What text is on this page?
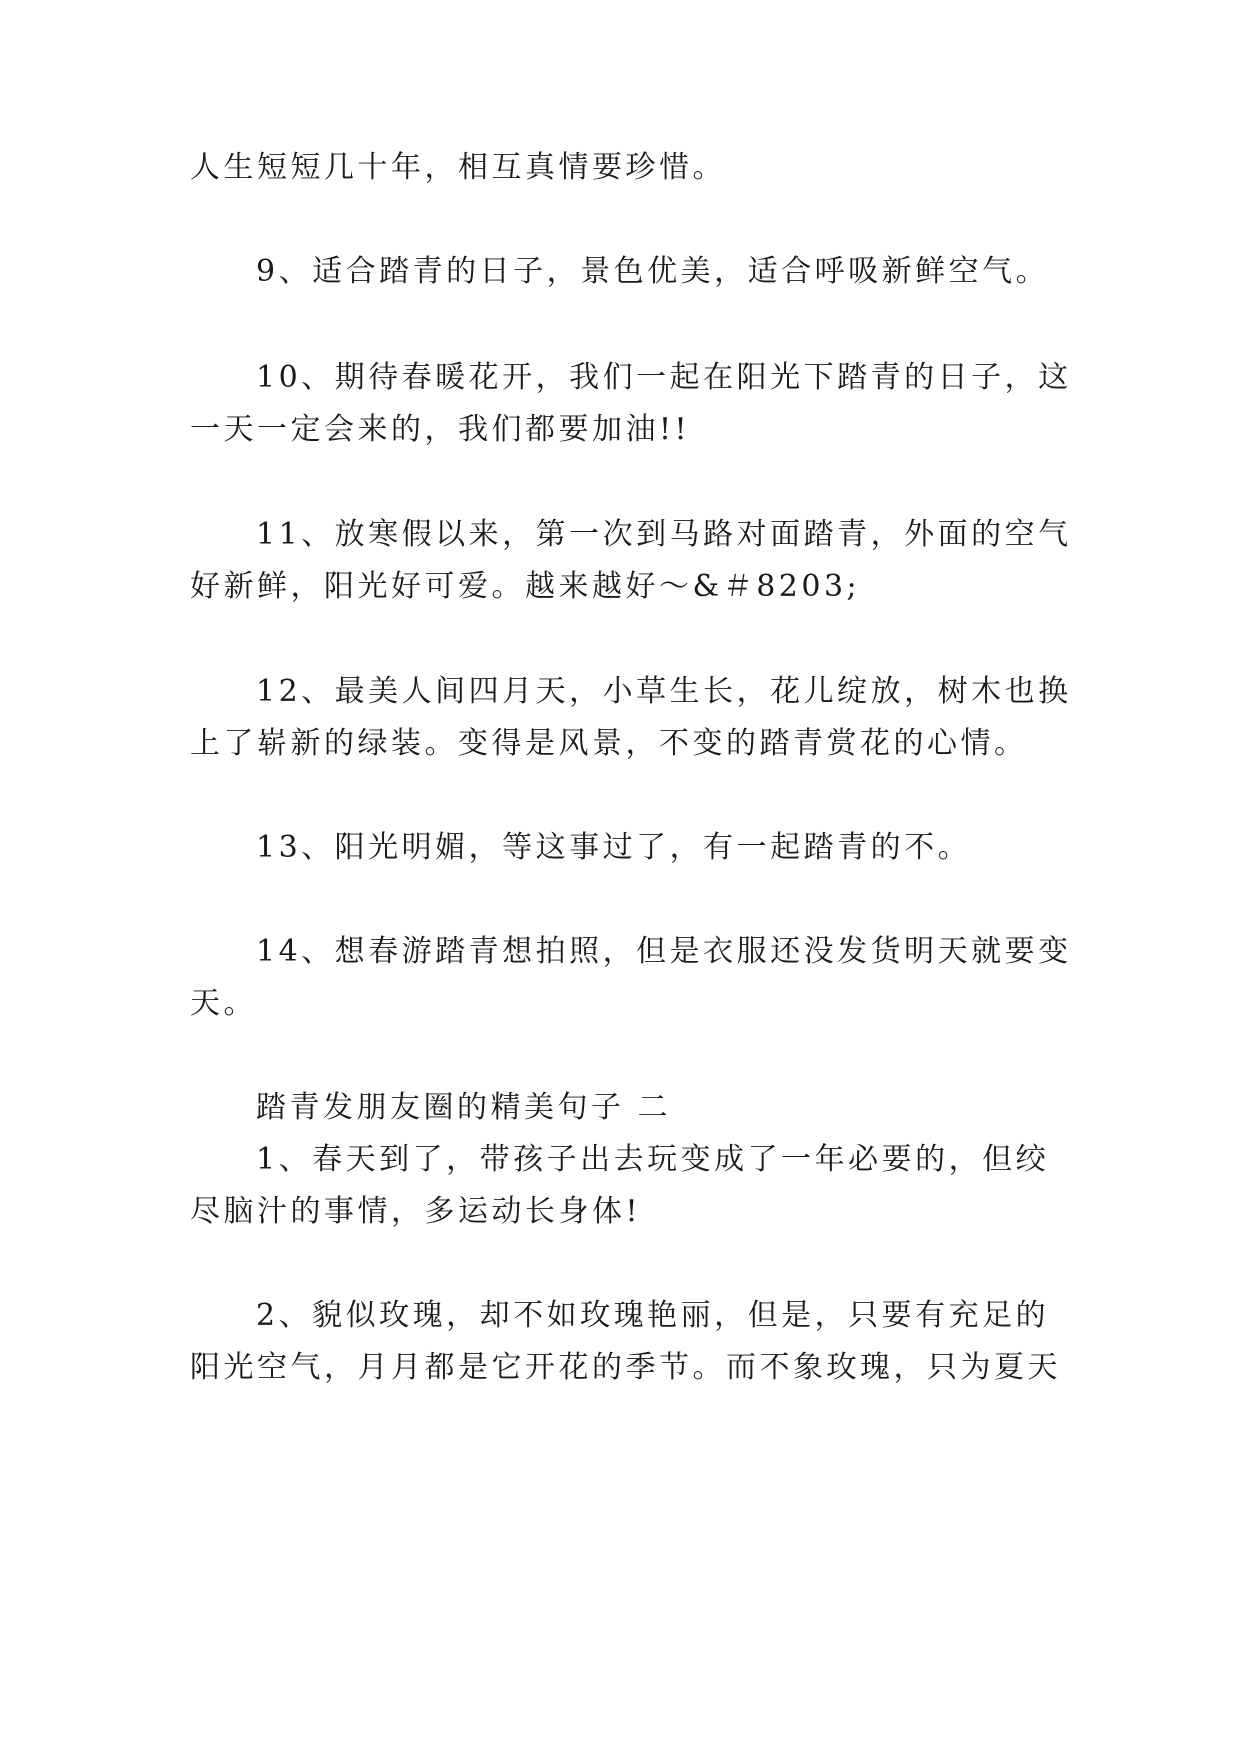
人生短短几十年，相互真情要珍惜。

9、适合踏青的日子，景色优美，适合呼吸新鲜空气。

10、期待春暖花开，我们一起在阳光下踏青的日子，这

一天一定会来的，我们都要加油!!

11、放寒假以来，第一次到马路对面踏青，外面的空气

好新鲜，阳光好可爱。越来越好～&＃8203;

12、最美人间四月天，小草生长，花儿绽放，树木也换

上了崭新的绿装。变得是风景，不变的踏青赏花的心情。

13、阳光明媚，等这事过了，有一起踏青的不。

14、想春游踏青想拍照，但是衣服还没发货明天就要变

天。

踏青发朋友圈的精美句子 二

1、春天到了，带孩子出去玩变成了一年必要的，但绞

尽脑汁的事情，多运动长身体!

2、貌似玫瑰，却不如玫瑰艳丽，但是，只要有充足的

阳光空气，月月都是它开花的季节。而不象玫瑰，只为夏天
